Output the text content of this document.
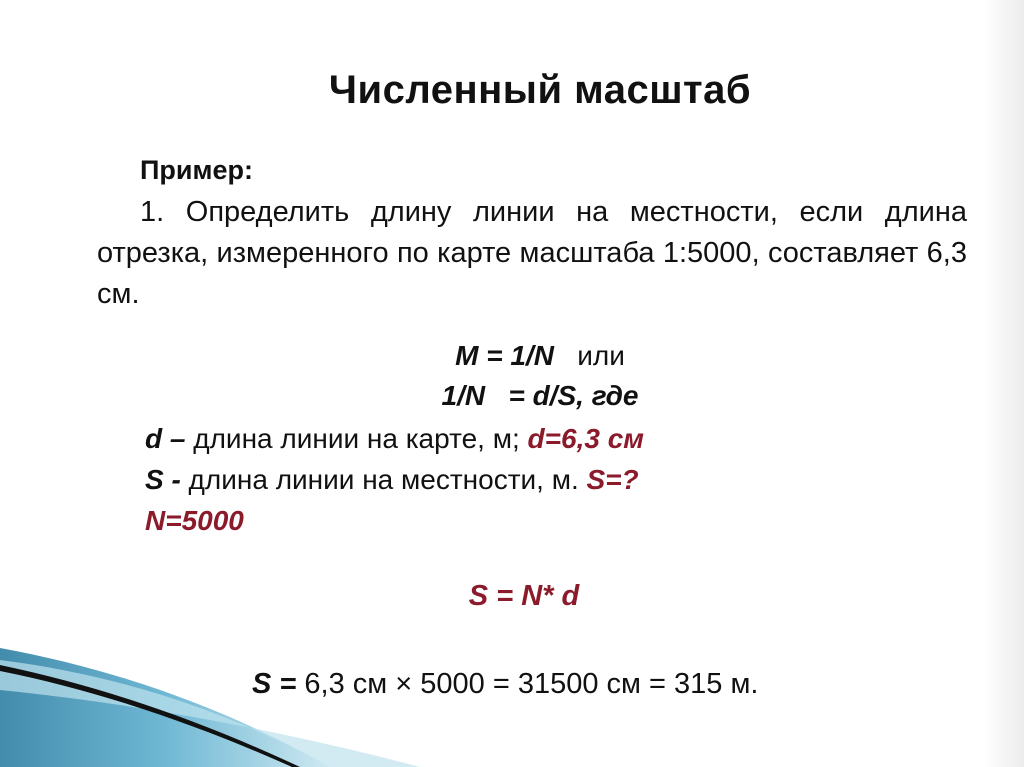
Численный масштаб
Пример:
1. Определить длину линии на местности, если длина отрезка, измеренного по карте масштаба 1:5000, составляет 6,3 см.
M = 1/N или
1/N   = d/S, где
d – длина линии на карте, м; d=6,3 см
S - длина линии на местности, м. S=?
N=5000
S = N* d
S = 6,3 см × 5000 = 31500 см = 315 м.
